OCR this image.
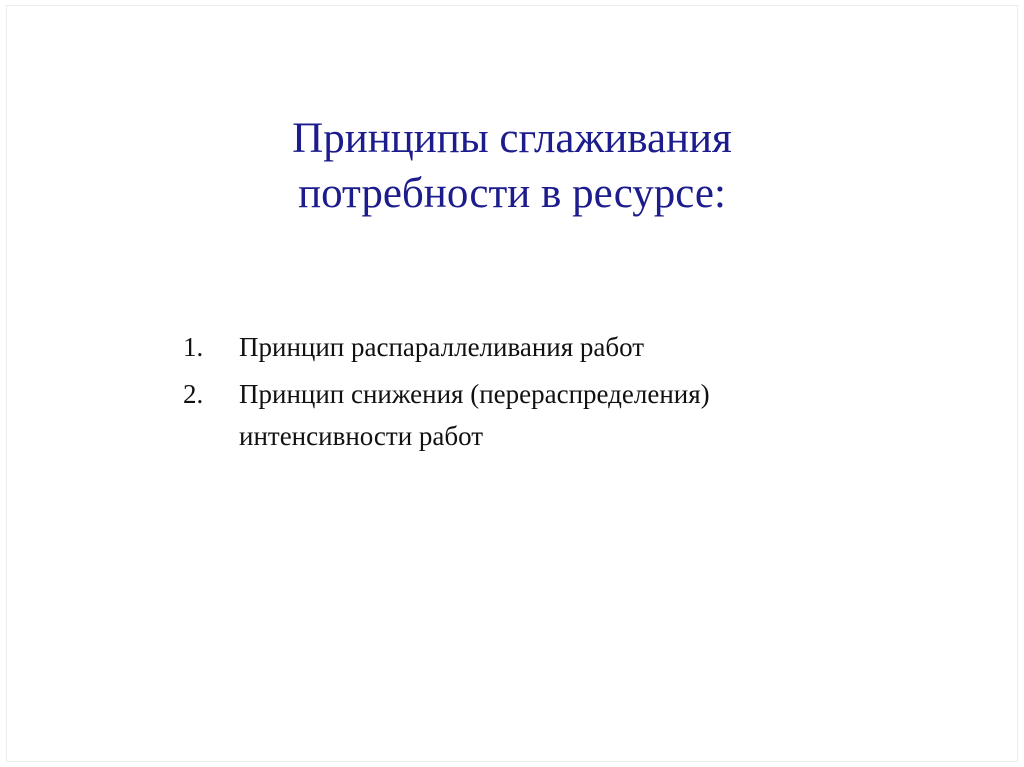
Принципы сглаживания
потребности в ресурсе:
1.	Принцип распараллеливания работ
2.	Принцип снижения (перераспределения)
интенсивности работ
